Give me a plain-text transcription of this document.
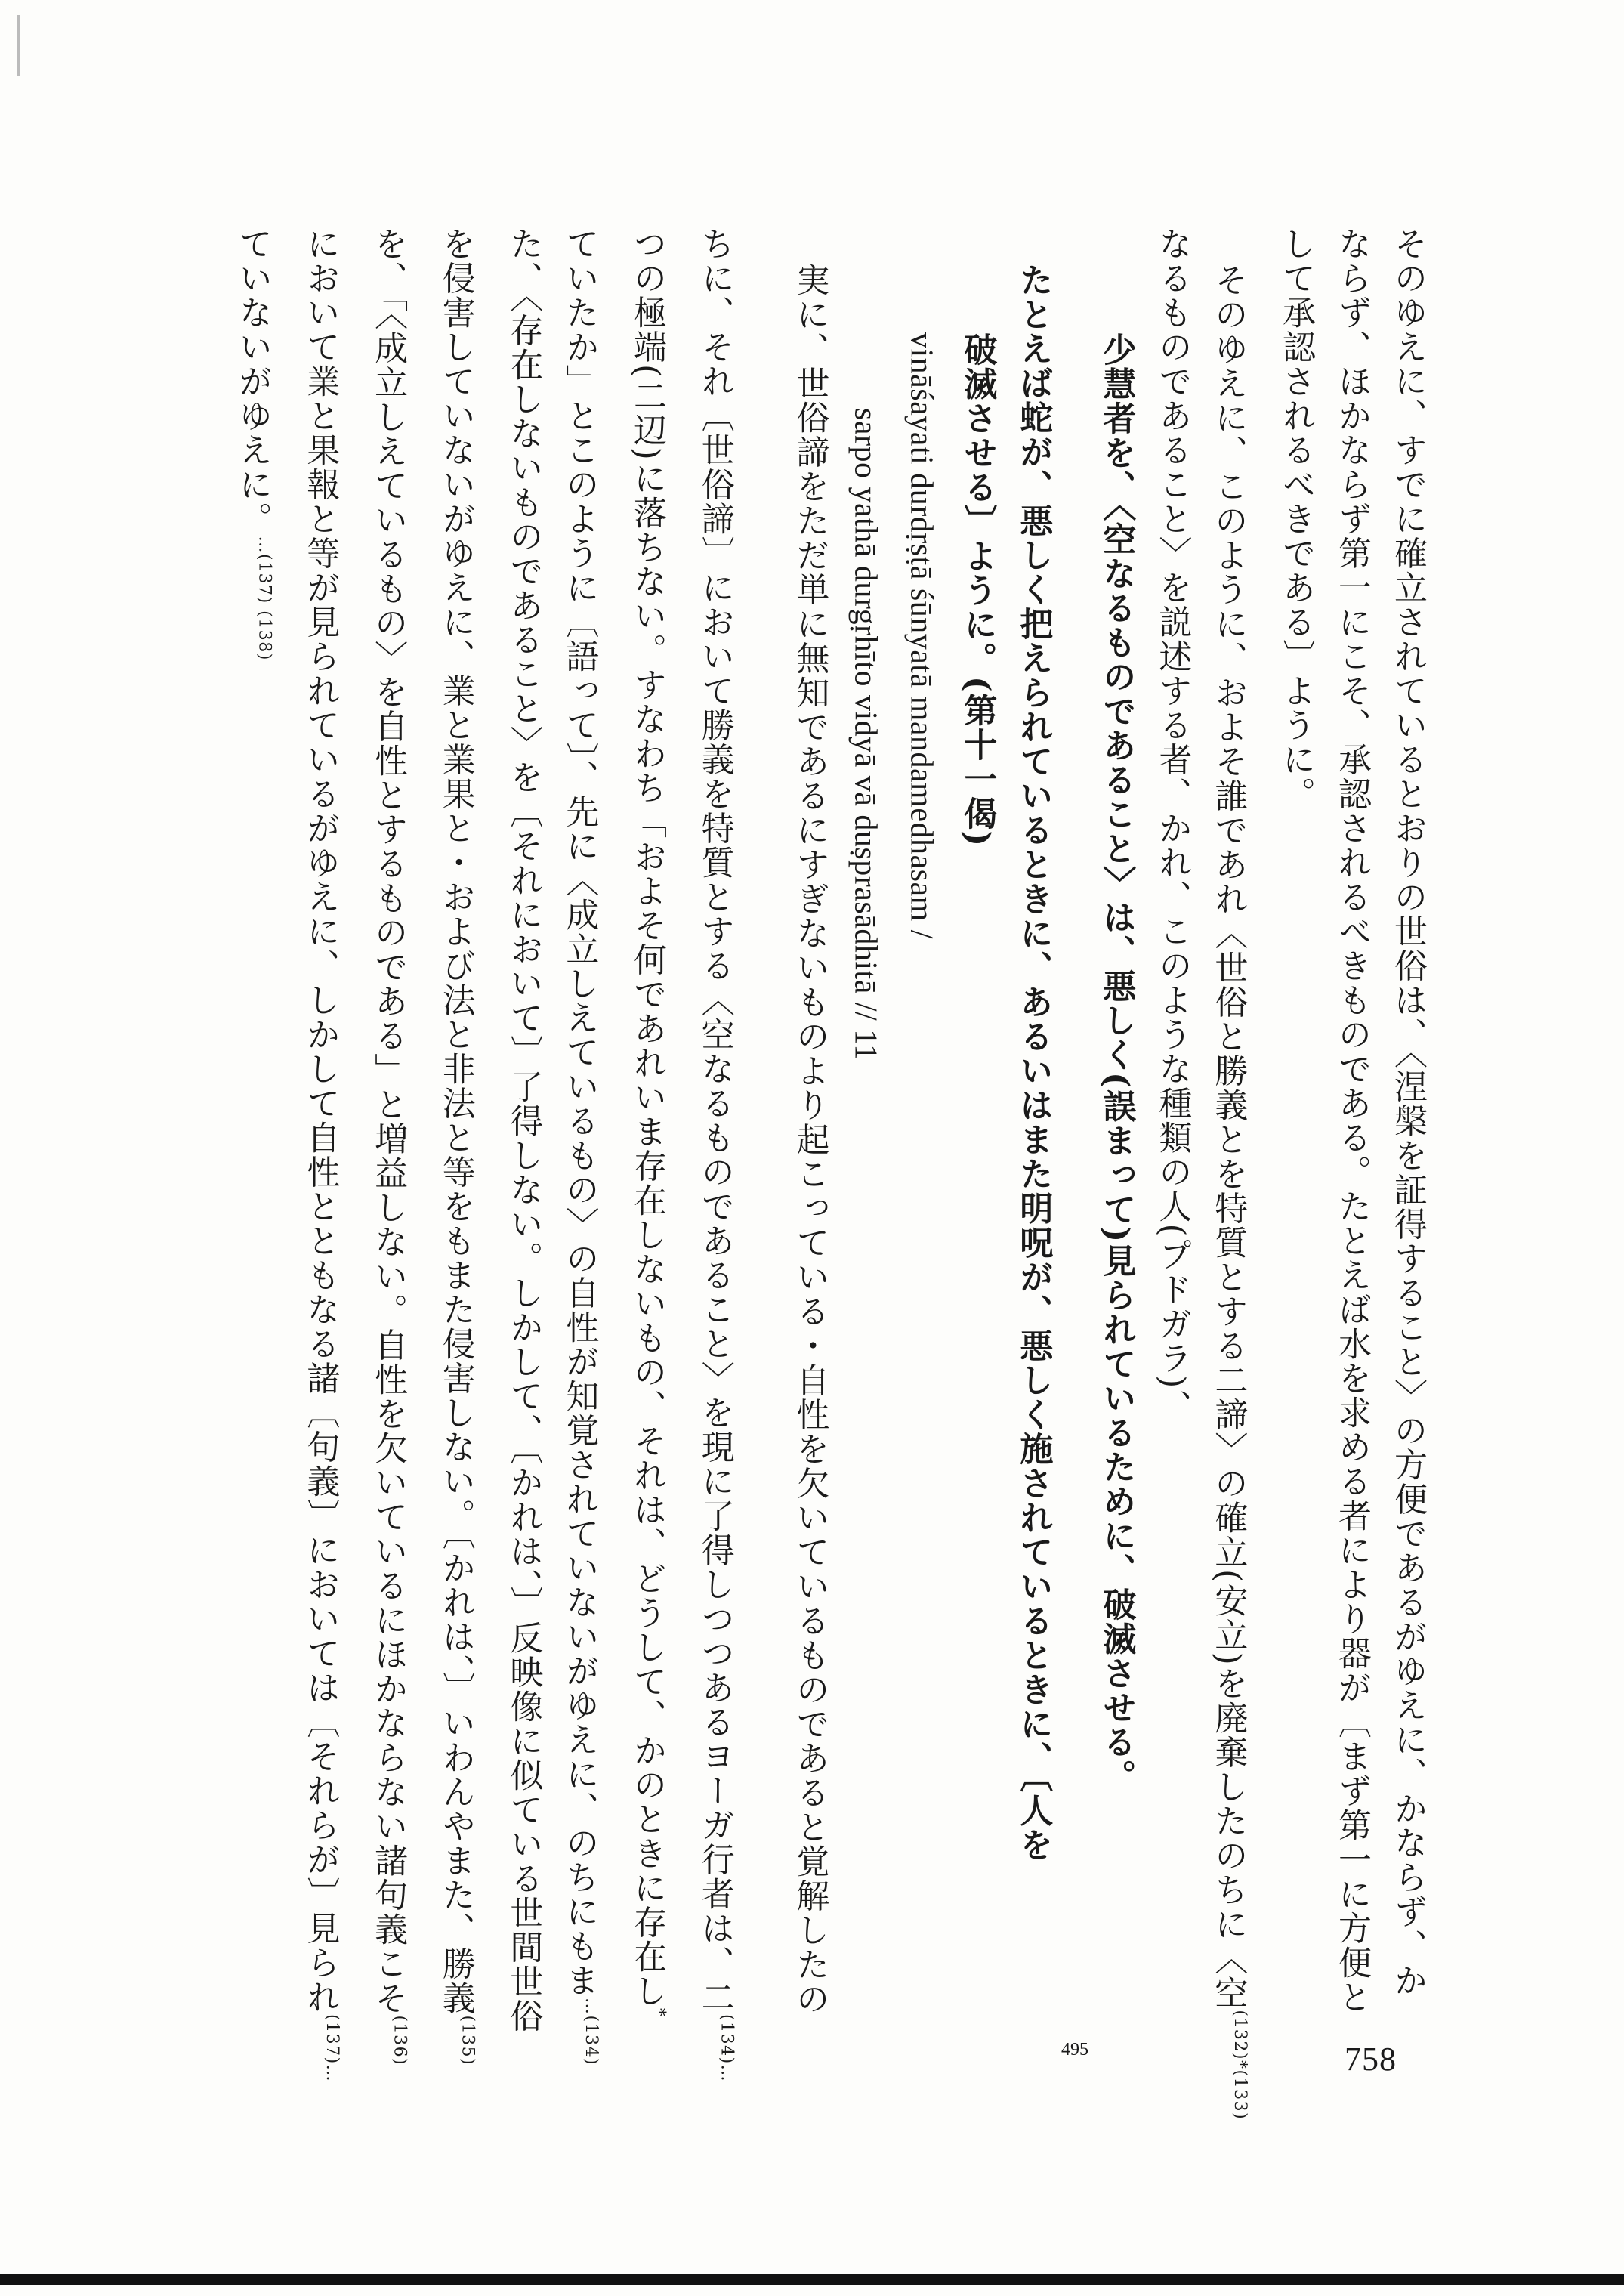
そのゆえに、すでに確立されているとおりの世俗は、〈涅槃を証得すること〉の方便であるがゆえに、かならず、か

ならず、ほかならず第一にこそ、承認されるべきものである。たとえば水を求める者により器が〔まず第一に方便と

して承認されるべきである〕ように。

そのゆえに、このように、およそ誰であれ〈世俗と勝義とを特質とする二諦〉の確立(安立)を廃棄したのちに〈空$^{(132)*(133)}$

なるものであること〉を説述する者、かれ、このような種類の人(プドガラ)、

少慧者を、〈空なるものであること〉は、悪しく(誤まって)見られているために、破滅させる。

たとえば蛇が、悪しく把えられているときに、あるいはまた明呪が、悪しく施されているときに、〔人を

破滅させる〕ように。(第十一偈)

vināśayati durdṛṣṭā śūnyatā mandamedhasam /

sarpo yathā durgṛhīto vidyā vā duṣprasādhitā // 11

実に、世俗諦をただ単に無知であるにすぎないものより起こっている・自性を欠いているものであると覚解したの

ちに、それ〔世俗諦〕において勝義を特質とする〈空なるものであること〉を現に了得しつつあるヨーガ行者は、二$^{(134)\dots}$

つの極端(二辺)に落ちない。すなわち「およそ何であれいま存在しないもの、それは、どうして、かのときに存在し*

ていたか」とこのように〔語って〕、先に〈成立しえているもの〉の自性が知覚されていないがゆえに、のちにもま$^{\dots(134)}$

た、〈存在しないものであること〉を〔それにおいて〕了得しない。しかして、〔かれは、〕反映像に似ている世間世俗

を侵害していないがゆえに、業と業果と・および法と非法と等をもまた侵害しない。〔かれは、〕いわんやまた、勝義$^{(135)}$

を、「〈成立しえているもの〉を自性とするものである」と増益しない。自性を欠いているにほかならない諸句義こそ$^{(136)}$

において業と果報と等が見られているがゆえに、しかして自性とともなる諸〔句義〕においては〔それらが〕見られ$^{(137)\dots}$

ていないがゆえに。$^{\dots(137) (138)}$

495	758
